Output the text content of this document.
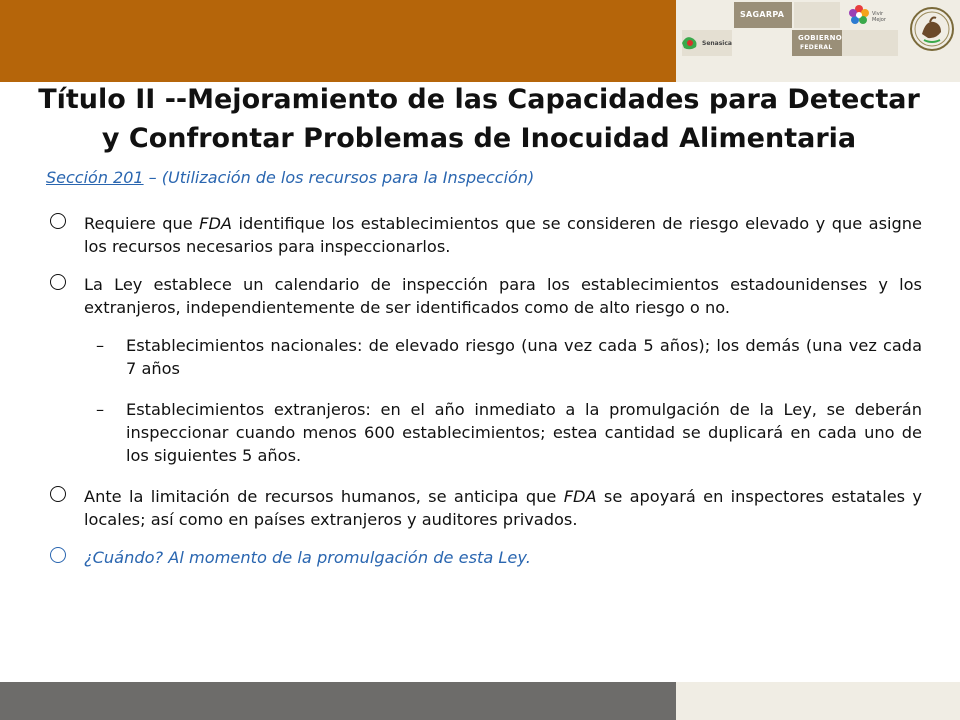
SAGARPA	Vivir Mejor
Senasica
GOBIERNO
FEDERAL
Título II --Mejoramiento de las Capacidades para Detectar
y Confrontar Problemas de Inocuidad Alimentaria
Sección 201 – (Utilización de los recursos para la Inspección)
Requiere que FDA identifique los establecimientos que se consideren de riesgo elevado y que asigne los recursos necesarios para inspeccionarlos.
La Ley establece un calendario de inspección para los establecimientos estadounidenses y los extranjeros, independientemente de ser identificados como de alto riesgo o no.
– Establecimientos nacionales: de elevado riesgo (una vez cada 5 años); los demás (una vez cada 7 años
– Establecimientos extranjeros: en el año inmediato a la promulgación de la Ley, se deberán inspeccionar cuando menos 600 establecimientos; estea cantidad se duplicará en cada uno de los siguientes 5 años.
Ante la limitación de recursos humanos, se anticipa que FDA se apoyará en inspectores estatales y locales; así como en países extranjeros y auditores privados.
¿Cuándo? Al momento de la promulgación de esta Ley.
